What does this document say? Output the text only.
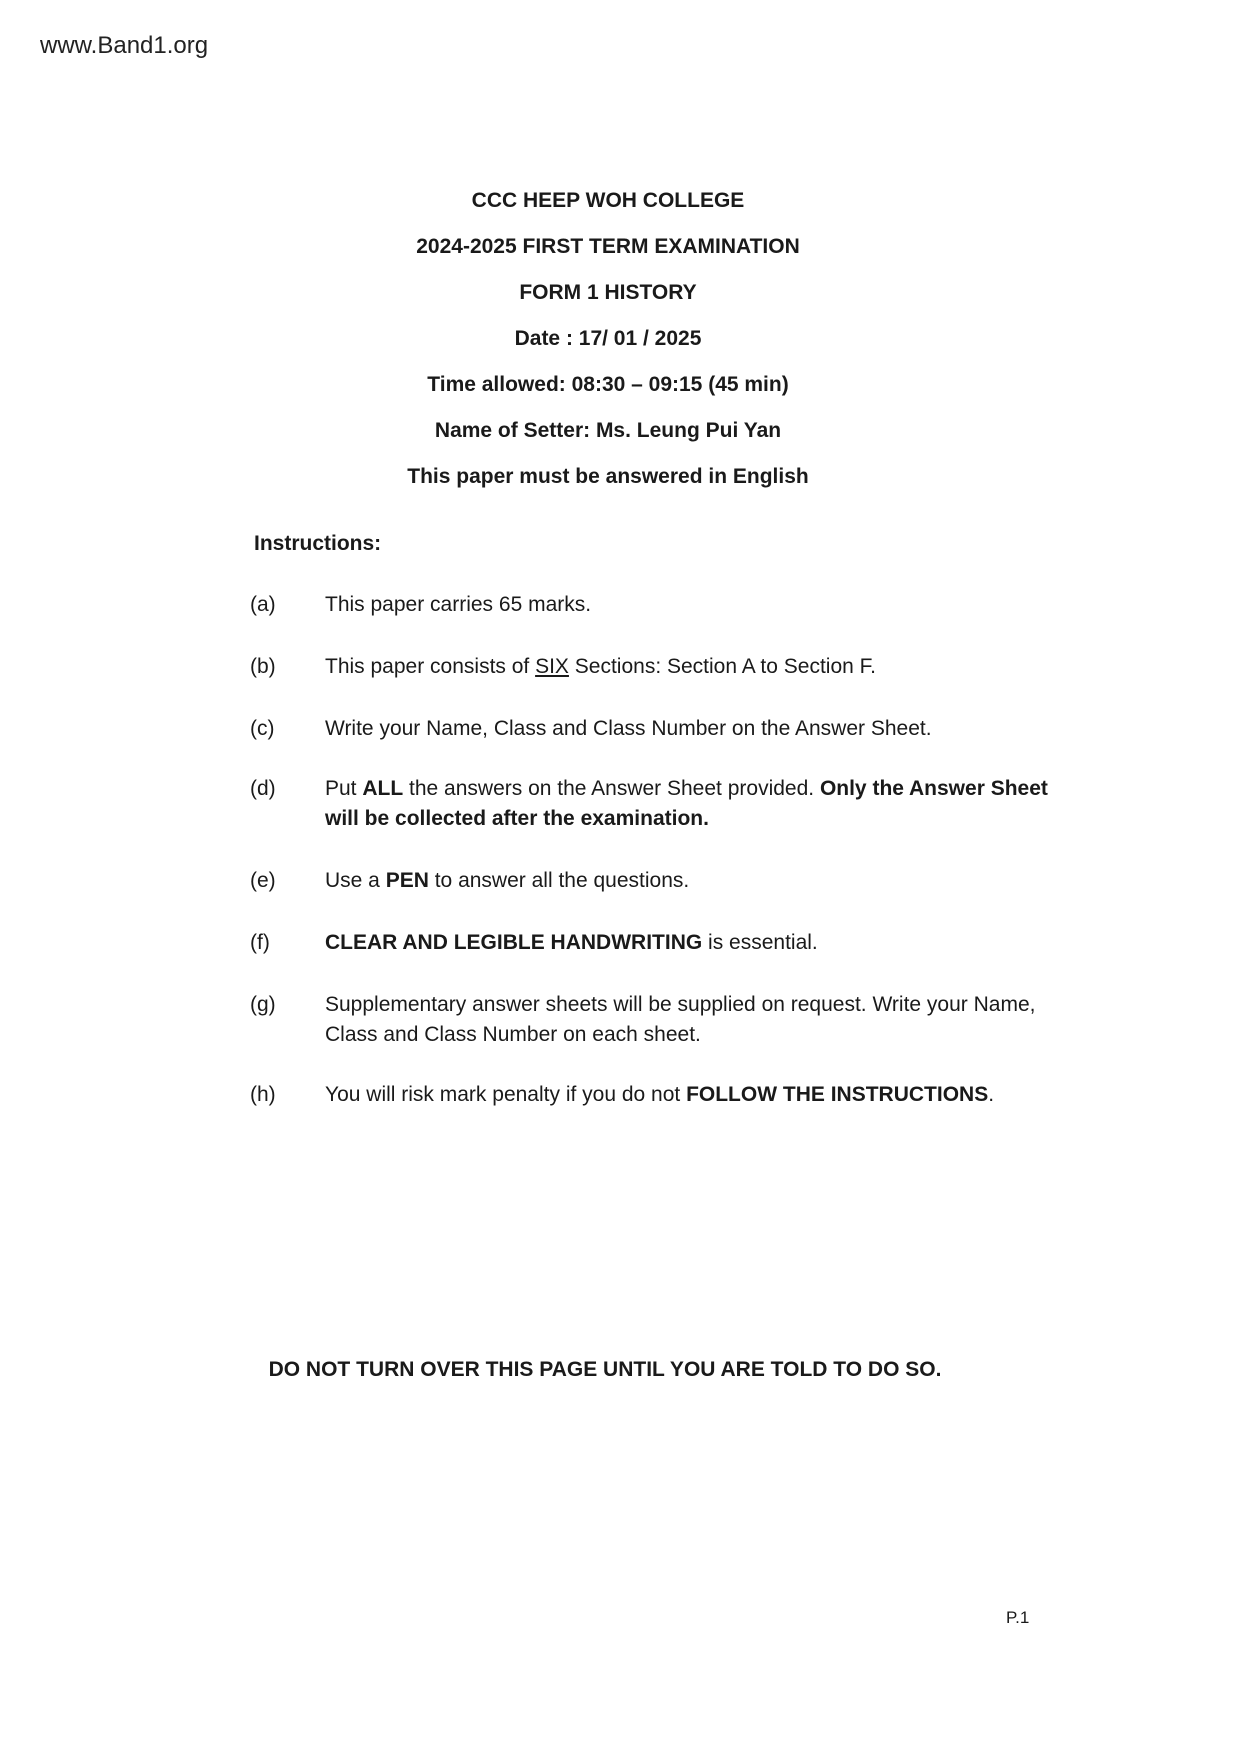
www.Band1.org
CCC HEEP WOH COLLEGE
2024-2025 FIRST TERM EXAMINATION
FORM 1 HISTORY
Date : 17/ 01 / 2025
Time allowed: 08:30 – 09:15 (45 min)
Name of Setter: Ms. Leung Pui Yan
This paper must be answered in English
Instructions:
(a)	This paper carries 65 marks.
(b)	This paper consists of SIX Sections: Section A to Section F.
(c)	Write your Name, Class and Class Number on the Answer Sheet.
(d)	Put ALL the answers on the Answer Sheet provided. Only the Answer Sheet will be collected after the examination.
(e)	Use a PEN to answer all the questions.
(f)	CLEAR AND LEGIBLE HANDWRITING is essential.
(g)	Supplementary answer sheets will be supplied on request. Write your Name, Class and Class Number on each sheet.
(h)	You will risk mark penalty if you do not FOLLOW THE INSTRUCTIONS.
DO NOT TURN OVER THIS PAGE UNTIL YOU ARE TOLD TO DO SO.
P.1
